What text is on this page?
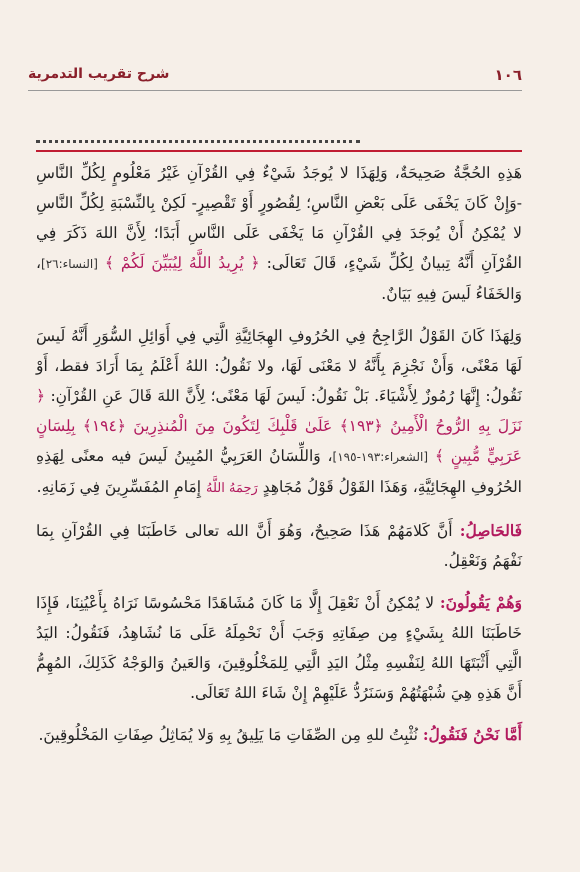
١٠٦
شرح تقريب التدمرية

هَذِهِ الحُجَّةُ صَحِيحَةٌ، وَلِهَذَا لا يُوجَدُ شَيْءٌ فِي القُرْآنِ غَيْرُ مَعْلُومٍ لِكُلِّ النَّاسِ -وَإِنْ كَانَ يَخْفَى عَلَى بَعْضِ النَّاسِ؛ لِقُصُورٍ أَوْ تَقْصِيرٍ- لَكِنْ بِالنِّسْبَةِ لِكُلِّ النَّاسِ لا يُمْكِنُ أَنْ يُوجَدَ فِي القُرْآنِ مَا يَخْفَى عَلَى النَّاسِ أَبَدًا؛ لِأَنَّ اللهَ ذَكَرَ فِي القُرْآنِ أَنَّهُ تِبيانٌ لِكُلِّ شَيْءٍ، قَالَ تَعَالَى: ﴿ يُرِيدُ اللَّهُ لِيُبَيِّنَ لَكُمْ ﴾ [النساء:٢٦]، وَالخَفَاءُ لَيسَ فِيهِ بَيَانٌ.

وَلِهَذَا كَانَ القَوْلُ الرَّاجِحُ فِي الحُرُوفِ الهِجَائِيَّةِ الَّتِي فِي أَوَائِلِ السُّوَرِ أَنَّهُ لَيسَ لَهَا مَعْنًى، وَأَنْ نَجْزِمَ بِأَنَّهُ لا مَعْنَى لَهَا، ولا نَقُولُ: اللهُ أَعْلَمُ بِمَا أَرَادَ فقط، أَوْ نَقُولُ: إِنَّهَا رُمُوزٌ لِأَشْيَاءَ. بَلْ نَقُولُ: لَيسَ لَهَا مَعْنًى؛ لِأَنَّ اللهَ قَالَ عَنِ القُرْآنِ: ﴿ نَزَلَ بِهِ الرُّوحُ الْأَمِينُ ﴿١٩٣﴾ عَلَىٰ قَلْبِكَ لِتَكُونَ مِنَ الْمُنذِرِينَ ﴿١٩٤﴾ بِلِسَانٍ عَرَبِيٍّ مُّبِينٍ ﴾ [الشعراء:١٩٣-١٩٥]، وَاللِّسَانُ العَرَبِيُّ المُبِينُ لَيسَ فيه معنًى لِهَذِهِ الحُرُوفِ الهِجَائِيَّةِ، وَهَذَا القَوْلُ قَوْلُ مُجَاهِدٍ رَحِمَهُ اللَّهُ إِمَامِ المُفَسِّرِينَ فِي زَمَانِهِ.

فَالحَاصِلُ: أَنَّ كَلامَهُمْ هَذَا صَحِيحٌ، وَهُوَ أَنَّ الله تعالى خَاطَبَنَا فِي القُرْآنِ بِمَا نَفْهَمُ وَنَعْقِلُ.

وَهُمْ يَقُولُونَ: لا يُمْكِنُ أَنْ نَعْقِلَ إِلَّا مَا كَانَ مُشَاهَدًا مَحْسُوسًا نَرَاهُ بِأَعْيُنِنَا، فَإِذَا خَاطَبَنَا اللهُ بِشَيْءٍ مِن صِفَاتِهِ وَجَبَ أَنْ نَحْمِلَهُ عَلَى مَا نُشَاهِدُ، فَنَقُولُ: اليَدُ الَّتِي أَثْبَتَهَا اللهُ لِنَفْسِهِ مِثْلُ اليَدِ الَّتِي لِلمَخْلُوقِينَ، وَالعَينُ وَالوَجْهُ كَذَلِكَ، المُهِمُّ أَنَّ هَذِهِ هِيَ شُبْهَتُهُمْ وَسَنَرُدُّ عَلَيْهِمْ إِنْ شَاءَ اللهُ تَعَالَى.

أَمَّا نَحْنُ فَنَقُولُ: نُثْبِتُ للهِ مِن الصِّفَاتِ مَا يَلِيقُ بِهِ وَلا يُمَاثِلُ صِفَاتِ المَخْلُوقِينَ.
